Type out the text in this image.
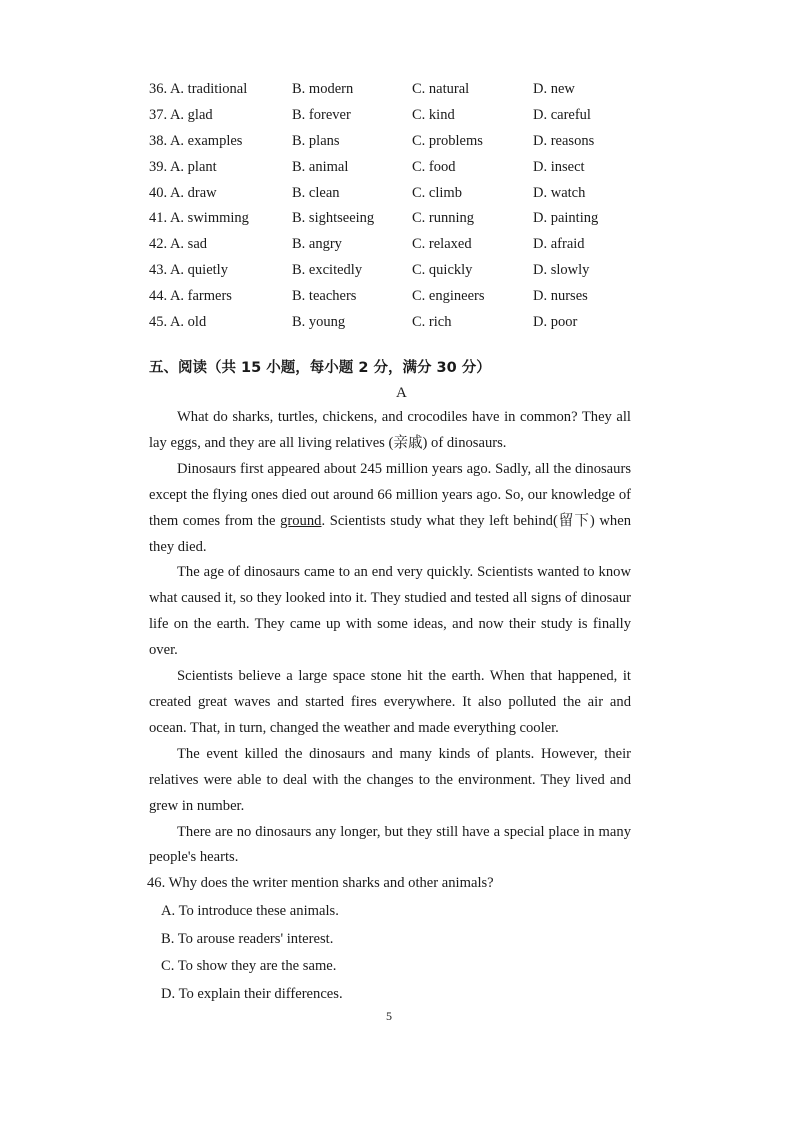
36. A. traditional	B. modern	C. natural	D. new
37. A. glad	B. forever	C. kind	D. careful
38. A. examples	B. plans	C. problems	D. reasons
39. A. plant	B. animal	C. food	D. insect
40. A. draw	B. clean	C. climb	D. watch
41. A. swimming	B. sightseeing	C. running	D. painting
42. A. sad	B. angry	C. relaxed	D. afraid
43. A. quietly	B. excitedly	C. quickly	D. slowly
44. A. farmers	B. teachers	C. engineers	D. nurses
45. A. old	B. young	C. rich	D. poor
五、阅读（共 15 小题，每小题 2 分，满分 30 分）
A

What do sharks, turtles, chickens, and crocodiles have in common? They all lay eggs, and they are all living relatives (亲戚) of dinosaurs.

Dinosaurs first appeared about 245 million years ago. Sadly, all the dinosaurs except the flying ones died out around 66 million years ago. So, our knowledge of them comes from the ground. Scientists study what they left behind(留下) when they died.

The age of dinosaurs came to an end very quickly. Scientists wanted to know what caused it, so they looked into it. They studied and tested all signs of dinosaur life on the earth. They came up with some ideas, and now their study is finally over.

Scientists believe a large space stone hit the earth. When that happened, it created great waves and started fires everywhere. It also polluted the air and ocean. That, in turn, changed the weather and made everything cooler.

The event killed the dinosaurs and many kinds of plants. However, their relatives were able to deal with the changes to the environment. They lived and grew in number.

There are no dinosaurs any longer, but they still have a special place in many people's hearts.

46. Why does the writer mention sharks and other animals?
A. To introduce these animals.
B. To arouse readers' interest.
C. To show they are the same.
D. To explain their differences.
5
